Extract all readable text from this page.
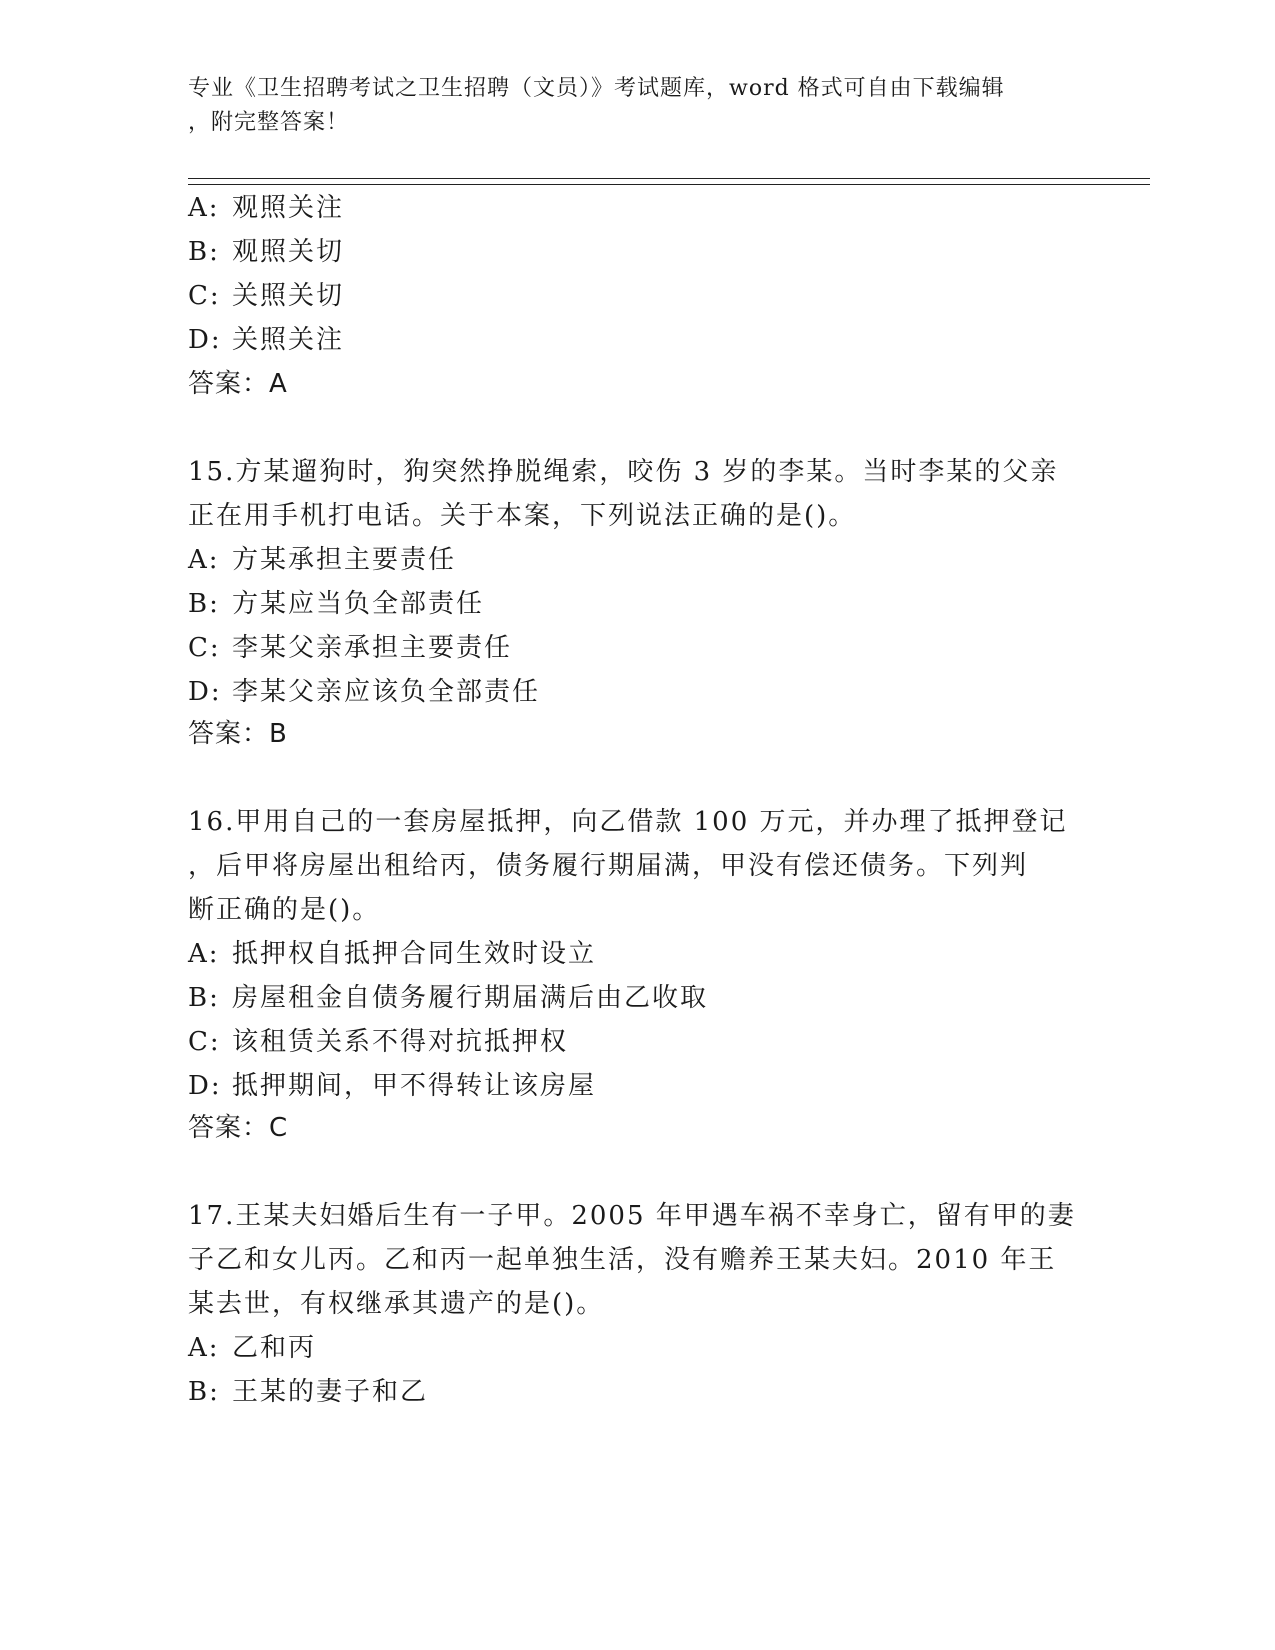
专业《卫生招聘考试之卫生招聘（文员）》考试题库，word 格式可自由下载编辑
，附完整答案！
A: 观照关注
B: 观照关切
C: 关照关切
D: 关照关注
答案：A
15.方某遛狗时，狗突然挣脱绳索，咬伤 3 岁的李某。当时李某的父亲
正在用手机打电话。关于本案，下列说法正确的是()。
A: 方某承担主要责任
B: 方某应当负全部责任
C: 李某父亲承担主要责任
D: 李某父亲应该负全部责任
答案：B
16.甲用自己的一套房屋抵押，向乙借款 100 万元，并办理了抵押登记
，后甲将房屋出租给丙，债务履行期届满，甲没有偿还债务。下列判
断正确的是()。
A: 抵押权自抵押合同生效时设立
B: 房屋租金自债务履行期届满后由乙收取
C: 该租赁关系不得对抗抵押权
D: 抵押期间，甲不得转让该房屋
答案：C
17.王某夫妇婚后生有一子甲。2005 年甲遇车祸不幸身亡，留有甲的妻
子乙和女儿丙。乙和丙一起单独生活，没有赡养王某夫妇。2010 年王
某去世，有权继承其遗产的是()。
A: 乙和丙
B: 王某的妻子和乙
